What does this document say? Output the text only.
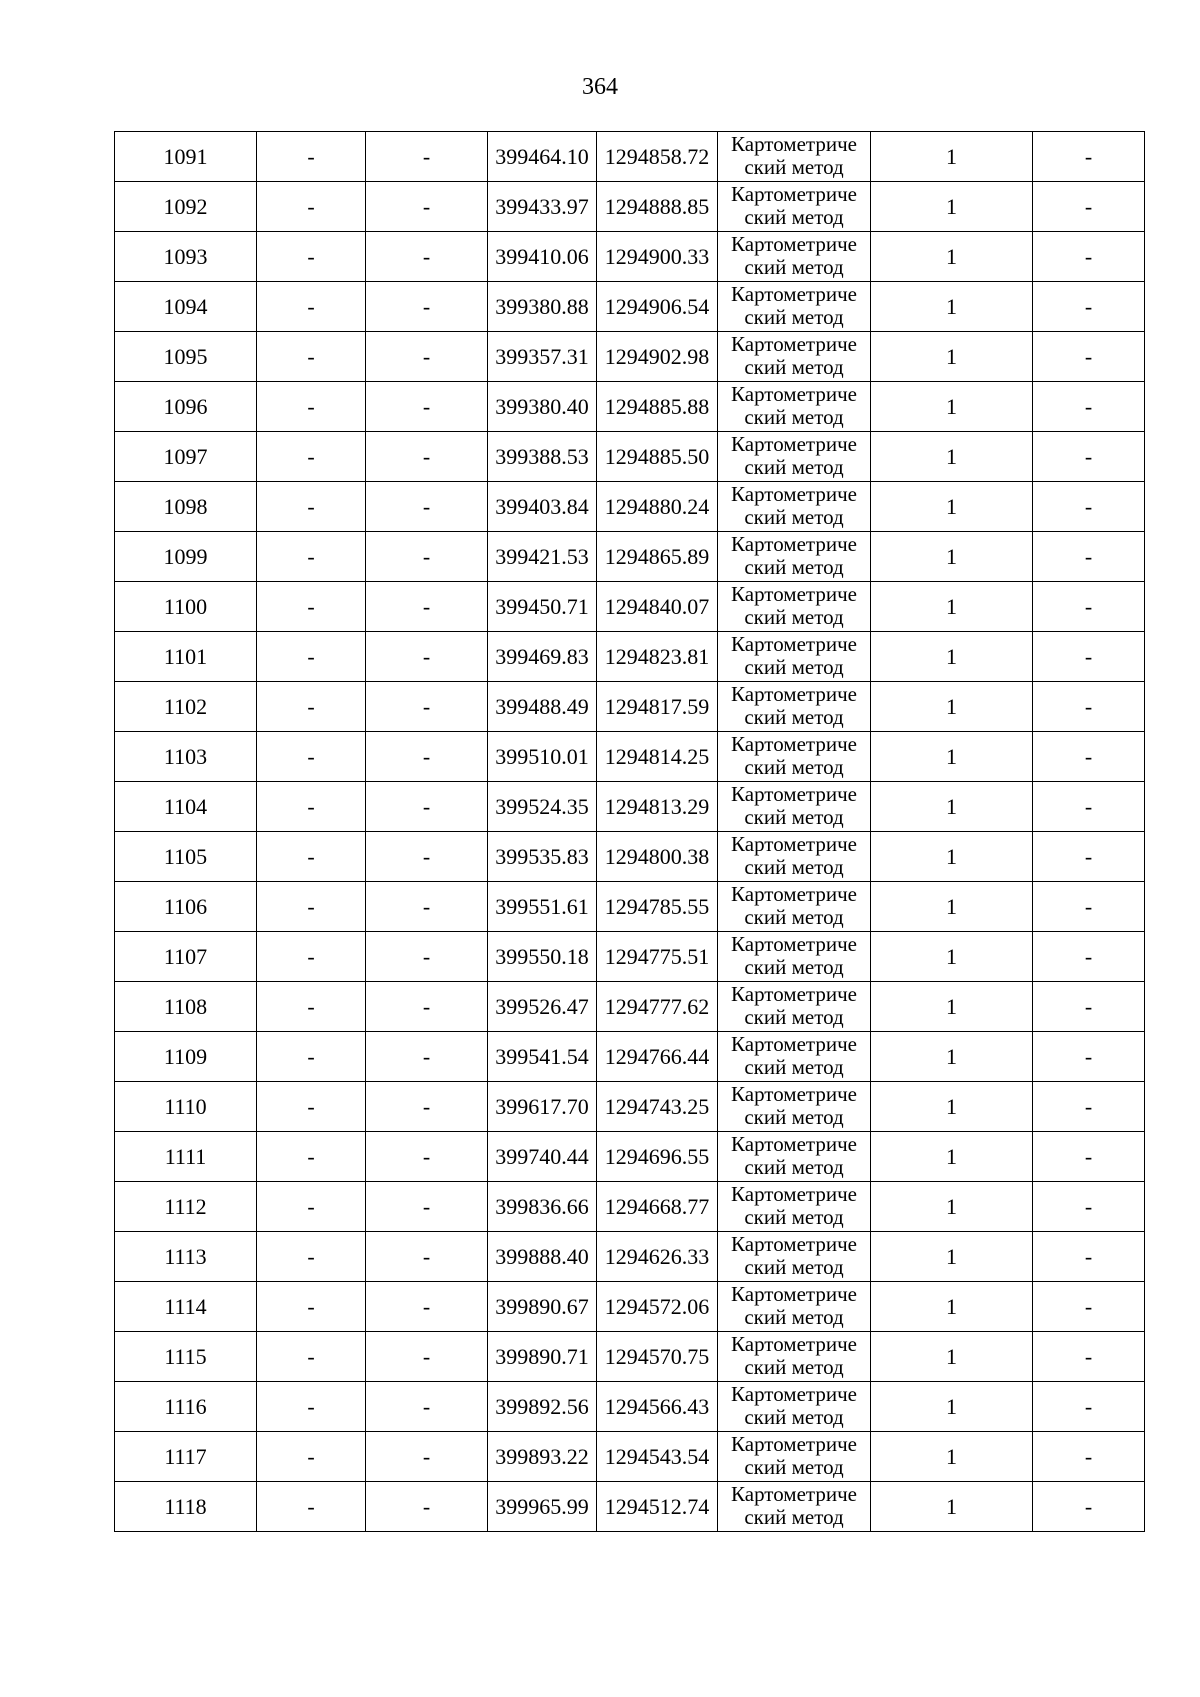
364
1091	-	-	399464.10	1294858.72	Картометриче
ский метод	1	-
1092	-	-	399433.97	1294888.85	Картометриче
ский метод	1	-
1093	-	-	399410.06	1294900.33	Картометриче
ский метод	1	-
1094	-	-	399380.88	1294906.54	Картометриче
ский метод	1	-
1095	-	-	399357.31	1294902.98	Картометриче
ский метод	1	-
1096	-	-	399380.40	1294885.88	Картометриче
ский метод	1	-
1097	-	-	399388.53	1294885.50	Картометриче
ский метод	1	-
1098	-	-	399403.84	1294880.24	Картометриче
ский метод	1	-
1099	-	-	399421.53	1294865.89	Картометриче
ский метод	1	-
1100	-	-	399450.71	1294840.07	Картометриче
ский метод	1	-
1101	-	-	399469.83	1294823.81	Картометриче
ский метод	1	-
1102	-	-	399488.49	1294817.59	Картометриче
ский метод	1	-
1103	-	-	399510.01	1294814.25	Картометриче
ский метод	1	-
1104	-	-	399524.35	1294813.29	Картометриче
ский метод	1	-
1105	-	-	399535.83	1294800.38	Картометриче
ский метод	1	-
1106	-	-	399551.61	1294785.55	Картометриче
ский метод	1	-
1107	-	-	399550.18	1294775.51	Картометриче
ский метод	1	-
1108	-	-	399526.47	1294777.62	Картометриче
ский метод	1	-
1109	-	-	399541.54	1294766.44	Картометриче
ский метод	1	-
1110	-	-	399617.70	1294743.25	Картометриче
ский метод	1	-
1111	-	-	399740.44	1294696.55	Картометриче
ский метод	1	-
1112	-	-	399836.66	1294668.77	Картометриче
ский метод	1	-
1113	-	-	399888.40	1294626.33	Картометриче
ский метод	1	-
1114	-	-	399890.67	1294572.06	Картометриче
ский метод	1	-
1115	-	-	399890.71	1294570.75	Картометриче
ский метод	1	-
1116	-	-	399892.56	1294566.43	Картометриче
ский метод	1	-
1117	-	-	399893.22	1294543.54	Картометриче
ский метод	1	-
1118	-	-	399965.99	1294512.74	Картометриче
ский метод	1	-
